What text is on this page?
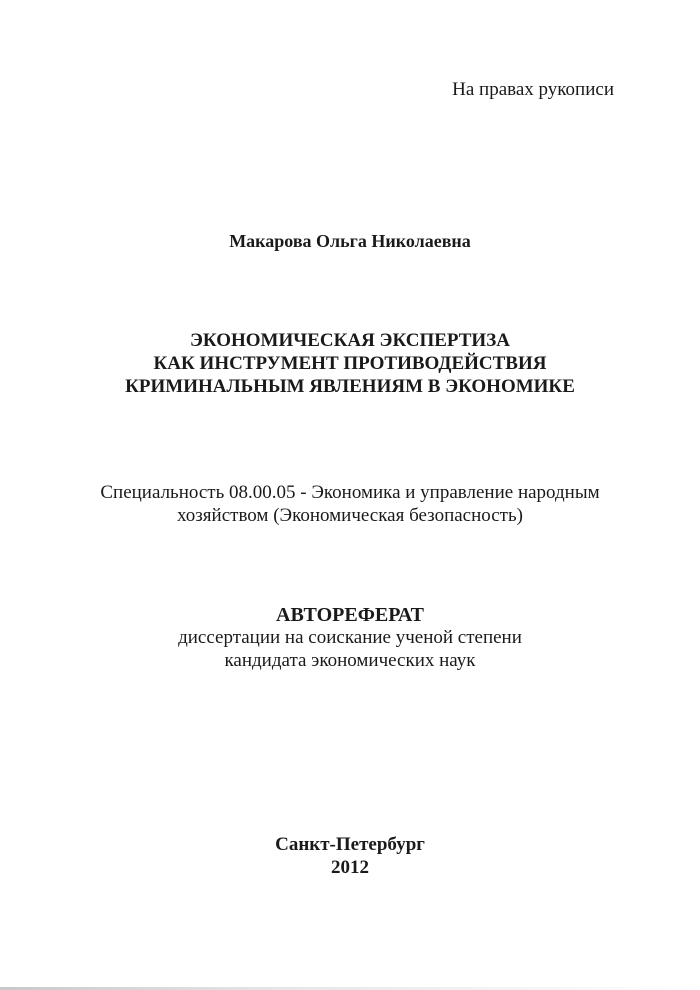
На правах рукописи
Макарова Ольга Николаевна
ЭКОНОМИЧЕСКАЯ ЭКСПЕРТИЗА
КАК ИНСТРУМЕНТ ПРОТИВОДЕЙСТВИЯ
КРИМИНАЛЬНЫМ ЯВЛЕНИЯМ В ЭКОНОМИКЕ
Специальность 08.00.05 - Экономика и управление народным
хозяйством (Экономическая безопасность)
АВТОРЕФЕРАТ
диссертации на соискание ученой степени
кандидата экономических наук
Санкт-Петербург
2012
